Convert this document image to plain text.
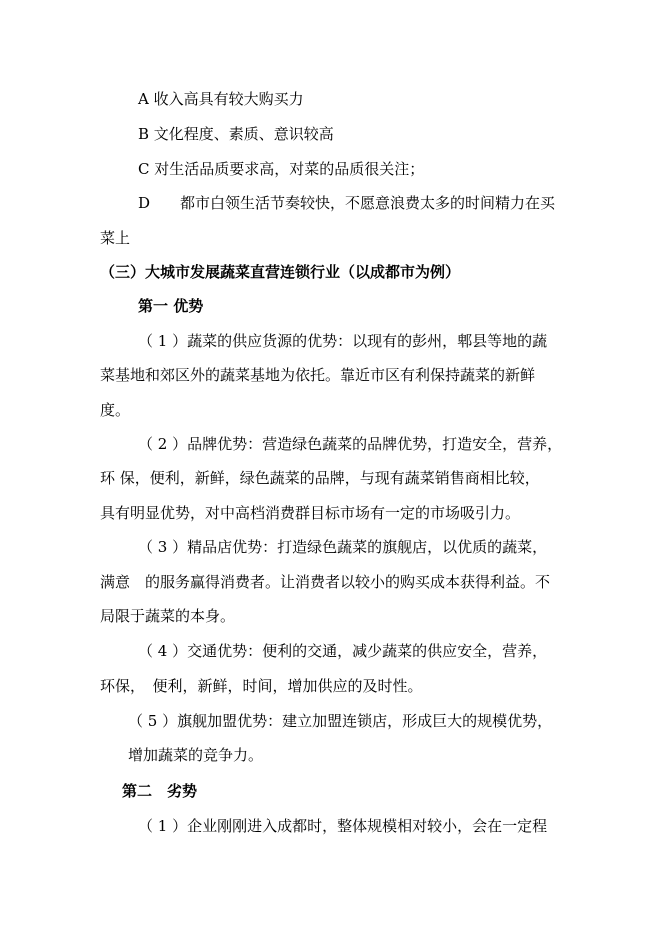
A 收入高具有较大购买力
B 文化程度、素质、意识较高
C 对生活品质要求高，对菜的品质很关注；
D　　都市白领生活节奏较快，不愿意浪费太多的时间精力在买
菜上
（三）大城市发展蔬菜直营连锁行业（以成都市为例）
第一 优势
（ 1 ）蔬菜的供应货源的优势：以现有的彭州，郫县等地的蔬
菜基地和郊区外的蔬菜基地为依托。靠近市区有利保持蔬菜的新鲜
度。
（ 2 ）品牌优势：营造绿色蔬菜的品牌优势，打造安全，营养，
环 保，便利，新鲜，绿色蔬菜的品牌，与现有蔬菜销售商相比较，
具有明显优势，对中高档消费群目标市场有一定的市场吸引力。
（ 3 ）精品店优势：打造绿色蔬菜的旗舰店，以优质的蔬菜，
满意　的服务赢得消费者。让消费者以较小的购买成本获得利益。不
局限于蔬菜的本身。
（ 4 ）交通优势：便利的交通，减少蔬菜的供应安全，营养，
环保，　便利，新鲜，时间，增加供应的及时性。
（ 5 ）旗舰加盟优势：建立加盟连锁店，形成巨大的规模优势，
增加蔬菜的竞争力。
第二　劣势
（ 1 ）企业刚刚进入成都时，整体规模相对较小，会在一定程
